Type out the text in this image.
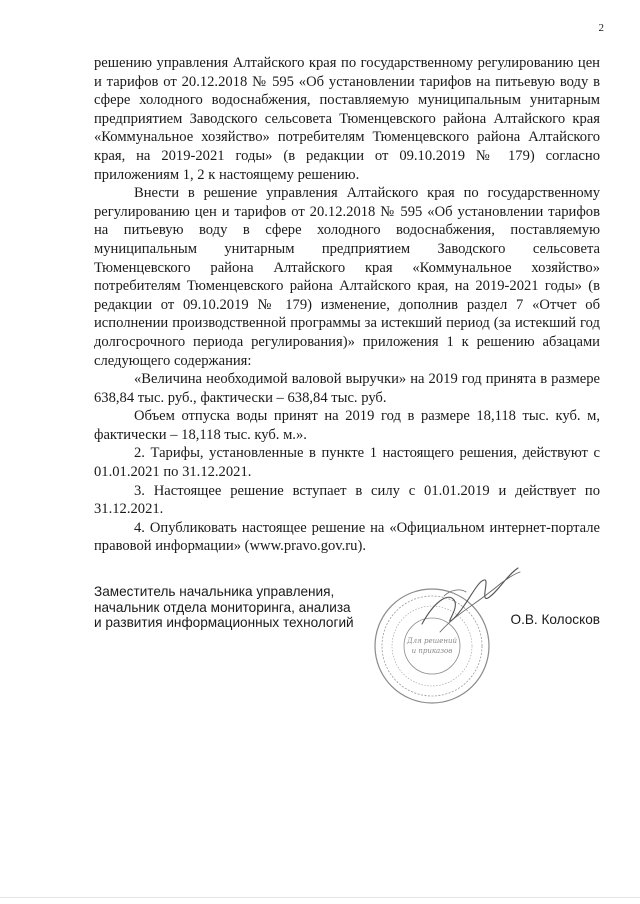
2

решению управления Алтайского края по государственному регулированию цен и тарифов от 20.12.2018 № 595 «Об установлении тарифов на питьевую воду в сфере холодного водоснабжения, поставляемую муниципальным унитарным предприятием Заводского сельсовета Тюменцевского района Алтайского края «Коммунальное хозяйство» потребителям Тюменцевского района Алтайского края, на 2019-2021 годы» (в редакции от 09.10.2019 № 179) согласно приложениям 1, 2 к настоящему решению.

Внести в решение управления Алтайского края по государственному регулированию цен и тарифов от 20.12.2018 № 595 «Об установлении тарифов на питьевую воду в сфере холодного водоснабжения, поставляемую муниципальным унитарным предприятием Заводского сельсовета Тюменцевского района Алтайского края «Коммунальное хозяйство» потребителям Тюменцевского района Алтайского края, на 2019-2021 годы» (в редакции от 09.10.2019 № 179) изменение, дополнив раздел 7 «Отчет об исполнении производственной программы за истекший период (за истекший год долгосрочного периода регулирования)» приложения 1 к решению абзацами следующего содержания:

«Величина необходимой валовой выручки» на 2019 год принята в размере 638,84 тыс. руб., фактически – 638,84 тыс. руб.

Объем отпуска воды принят на 2019 год в размере 18,118 тыс. куб. м, фактически – 18,118 тыс. куб. м.».

2. Тарифы, установленные в пункте 1 настоящего решения, действуют с 01.01.2021 по 31.12.2021.

3. Настоящее решение вступает в силу с 01.01.2019 и действует по 31.12.2021.

4. Опубликовать настоящее решение на «Официальном интернет-портале правовой информации» (www.pravo.gov.ru).

Заместитель начальника управления,
начальник отдела мониторинга, анализа
и развития информационных технологий
Для решений
и приказов
О.В. Колосков
